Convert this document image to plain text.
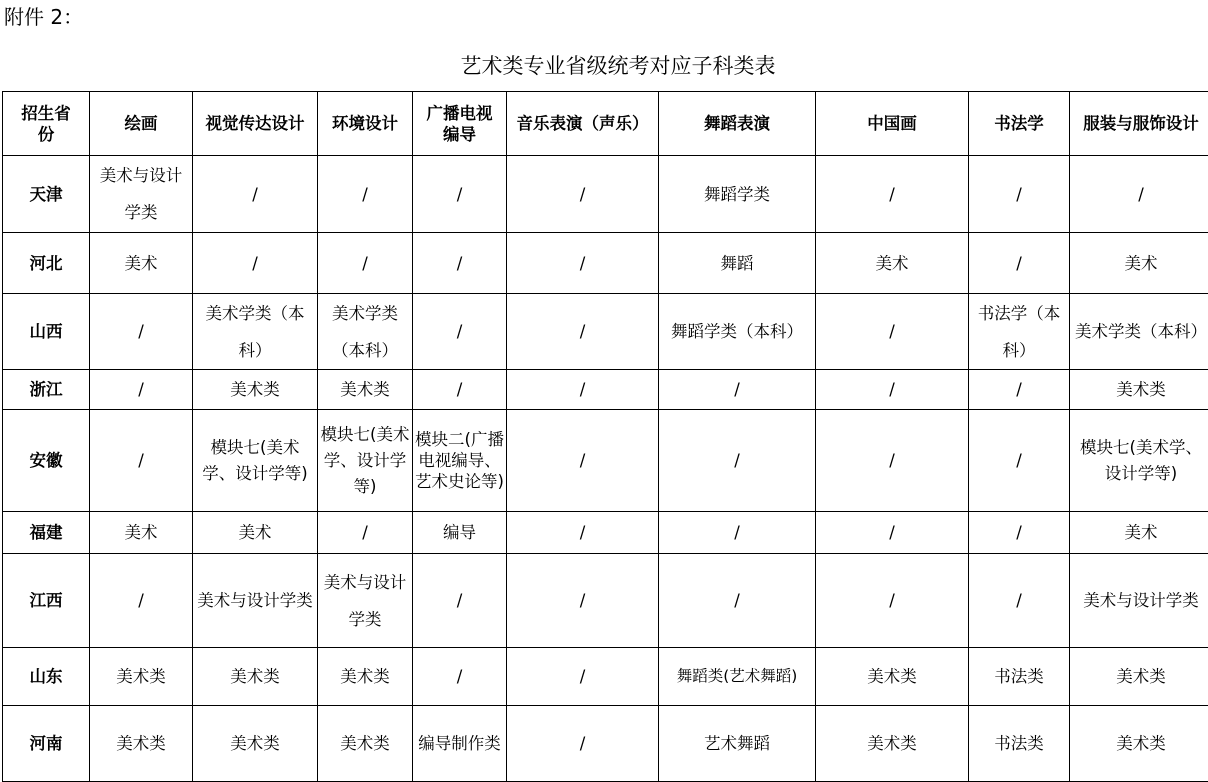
附件 2：
艺术类专业省级统考对应子科类表
招生省份	绘画	视觉传达设计	环境设计	广播电视编导	音乐表演（声乐）	舞蹈表演	中国画	书法学	服装与服饰设计
天津	美术与设计学类	/	/	/	/	舞蹈学类	/	/	/
河北	美术	/	/	/	/	舞蹈	美术	/	美术
山西	/	美术学类（本科）	美术学类（本科）	/	/	舞蹈学类（本科）	/	书法学（本科）	美术学类（本科）
浙江	/	美术类	美术类	/	/	/	/	/	美术类
安徽	/	模块七(美术学、设计学等)	模块七(美术学、设计学等)	模块二(广播电视编导、艺术史论等)	/	/	/	/	模块七(美术学、设计学等)
福建	美术	美术	/	编导	/	/	/	/	美术
江西	/	美术与设计学类	美术与设计学类	/	/	/	/	/	美术与设计学类
山东	美术类	美术类	美术类	/	/	舞蹈类(艺术舞蹈)	美术类	书法类	美术类
河南	美术类	美术类	美术类	编导制作类	/	艺术舞蹈	美术类	书法类	美术类
